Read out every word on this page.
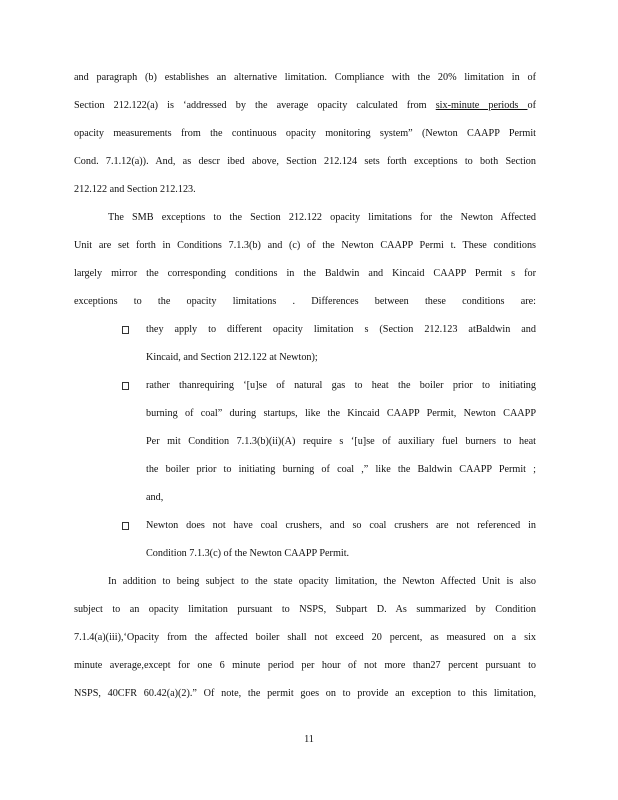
and paragraph (b) establishes an alternative limitation. Compliance with the 20% limitation in of
Section 212.122(a) is ‘addressed by the average opacity calculated from six-minute periods of
opacity measurements from the continuous opacity monitoring system” (Newton CAAPP Permit
Cond. 7.1.12(a)). And, as descr ibed above, Section 212.124 sets forth exceptions to both Section
212.122 and Section 212.123.
The SMB exceptions to the Section 212.122 opacity limitations for the Newton Affected
Unit are set forth in Conditions 7.1.3(b) and (c) of the Newton CAAPP Permi t. These conditions
largely mirror the corresponding conditions in the Baldwin and Kincaid CAAPP Permit s for
exceptions to the opacity limitations . Differences between these conditions are:
they apply to different opacity limitation s (Section 212.123 atBaldwin and
Kincaid, and Section 212.122 at Newton);
rather thanrequiring ‘[u]se of natural gas to heat the boiler prior to initiating
burning of coal” during startups, like the Kincaid CAAPP Permit, Newton CAAPP
Per mit Condition 7.1.3(b)(ii)(A) require s ‘[u]se of auxiliary fuel burners to heat
the boiler prior to initiating burning of coal ,” like the Baldwin CAAPP Permit ;
and,
Newton does not have coal crushers, and so coal crushers are not referenced in
Condition 7.1.3(c) of the Newton CAAPP Permit.
In addition to being subject to the state opacity limitation, the Newton Affected Unit is also
subject to an opacity limitation pursuant to NSPS, Subpart D. As summarized by Condition
7.1.4(a)(iii),‘Opacity from the affected boiler shall not exceed 20 percent, as measured on a six
minute average,except for one 6 minute period per hour of not more than27 percent pursuant to
NSPS, 40CFR 60.42(a)(2).” Of note, the permit goes on to provide an exception to this limitation,
11
